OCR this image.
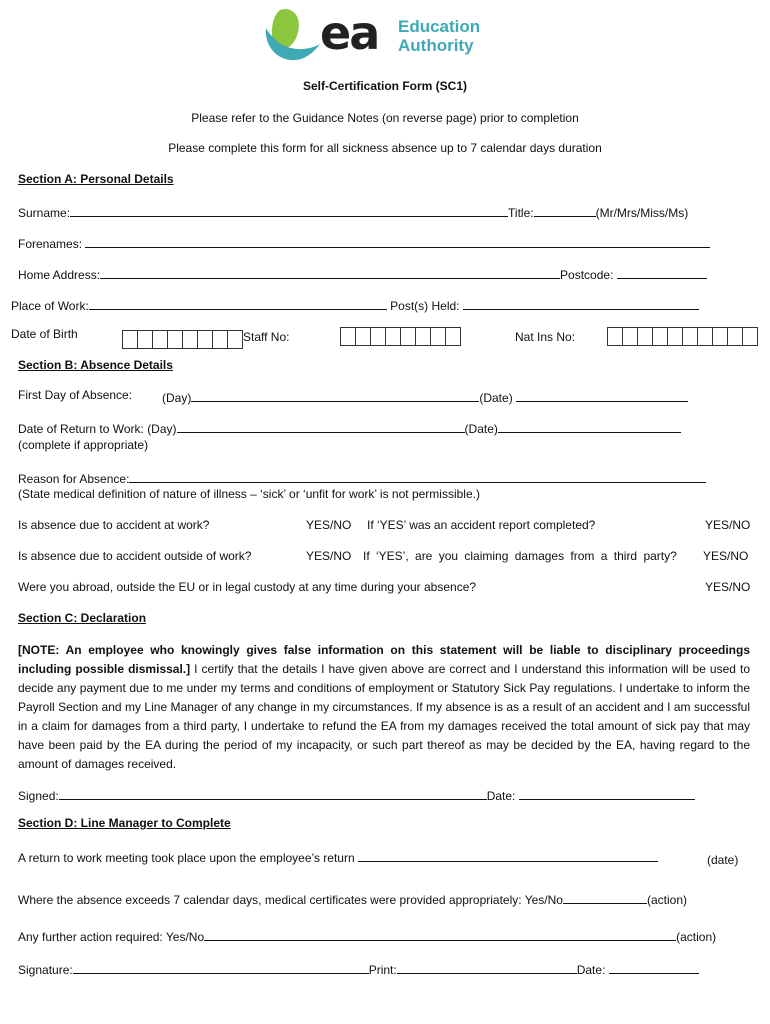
ea Education
Authority
Self-Certification Form (SC1)
Please refer to the Guidance Notes (on reverse page) prior to completion
Please complete this form for all sickness absence up to 7 calendar days duration
Section A: Personal Details
Surname:	Title:	(Mr/Mrs/Miss/Ms)
Forenames:
Home Address:	Postcode:
Place of Work:	Post(s) Held:
Date of Birth	Staff No:	Nat Ins No:
Section B: Absence Details
First Day of Absence: (Day)	(Date)
Date of Return to Work: (Day)	(Date)
(complete if appropriate)
Reason for Absence:
(State medical definition of nature of illness – ‘sick’ or ‘unfit for work’ is not permissible.)
Is absence due to accident at work?	YES/NO If ‘YES’ was an accident report completed?	YES/NO
Is absence due to accident outside of work?	YES/NO If ‘YES’, are you claiming damages from a third party? YES/NO
Were you abroad, outside the EU or in legal custody at any time during your absence?	YES/NO
Section C: Declaration
[NOTE: An employee who knowingly gives false information on this statement will be liable to disciplinary proceedings including possible dismissal.] I certify that the details I have given above are correct and I understand this information will be used to decide any payment due to me under my terms and conditions of employment or Statutory Sick Pay regulations. I undertake to inform the Payroll Section and my Line Manager of any change in my circumstances. If my absence is as a result of an accident and I am successful in a claim for damages from a third party, I undertake to refund the EA from my damages received the total amount of sick pay that may have been paid by the EA during the period of my incapacity, or such part thereof as may be decided by the EA, having regard to the amount of damages received.
Signed:	Date:
Section D: Line Manager to Complete
A return to work meeting took place upon the employee’s return	(date)
Where the absence exceeds 7 calendar days, medical certificates were provided appropriately: Yes/No	(action)
Any further action required: Yes/No	(action)
Signature:	Print:	Date:
